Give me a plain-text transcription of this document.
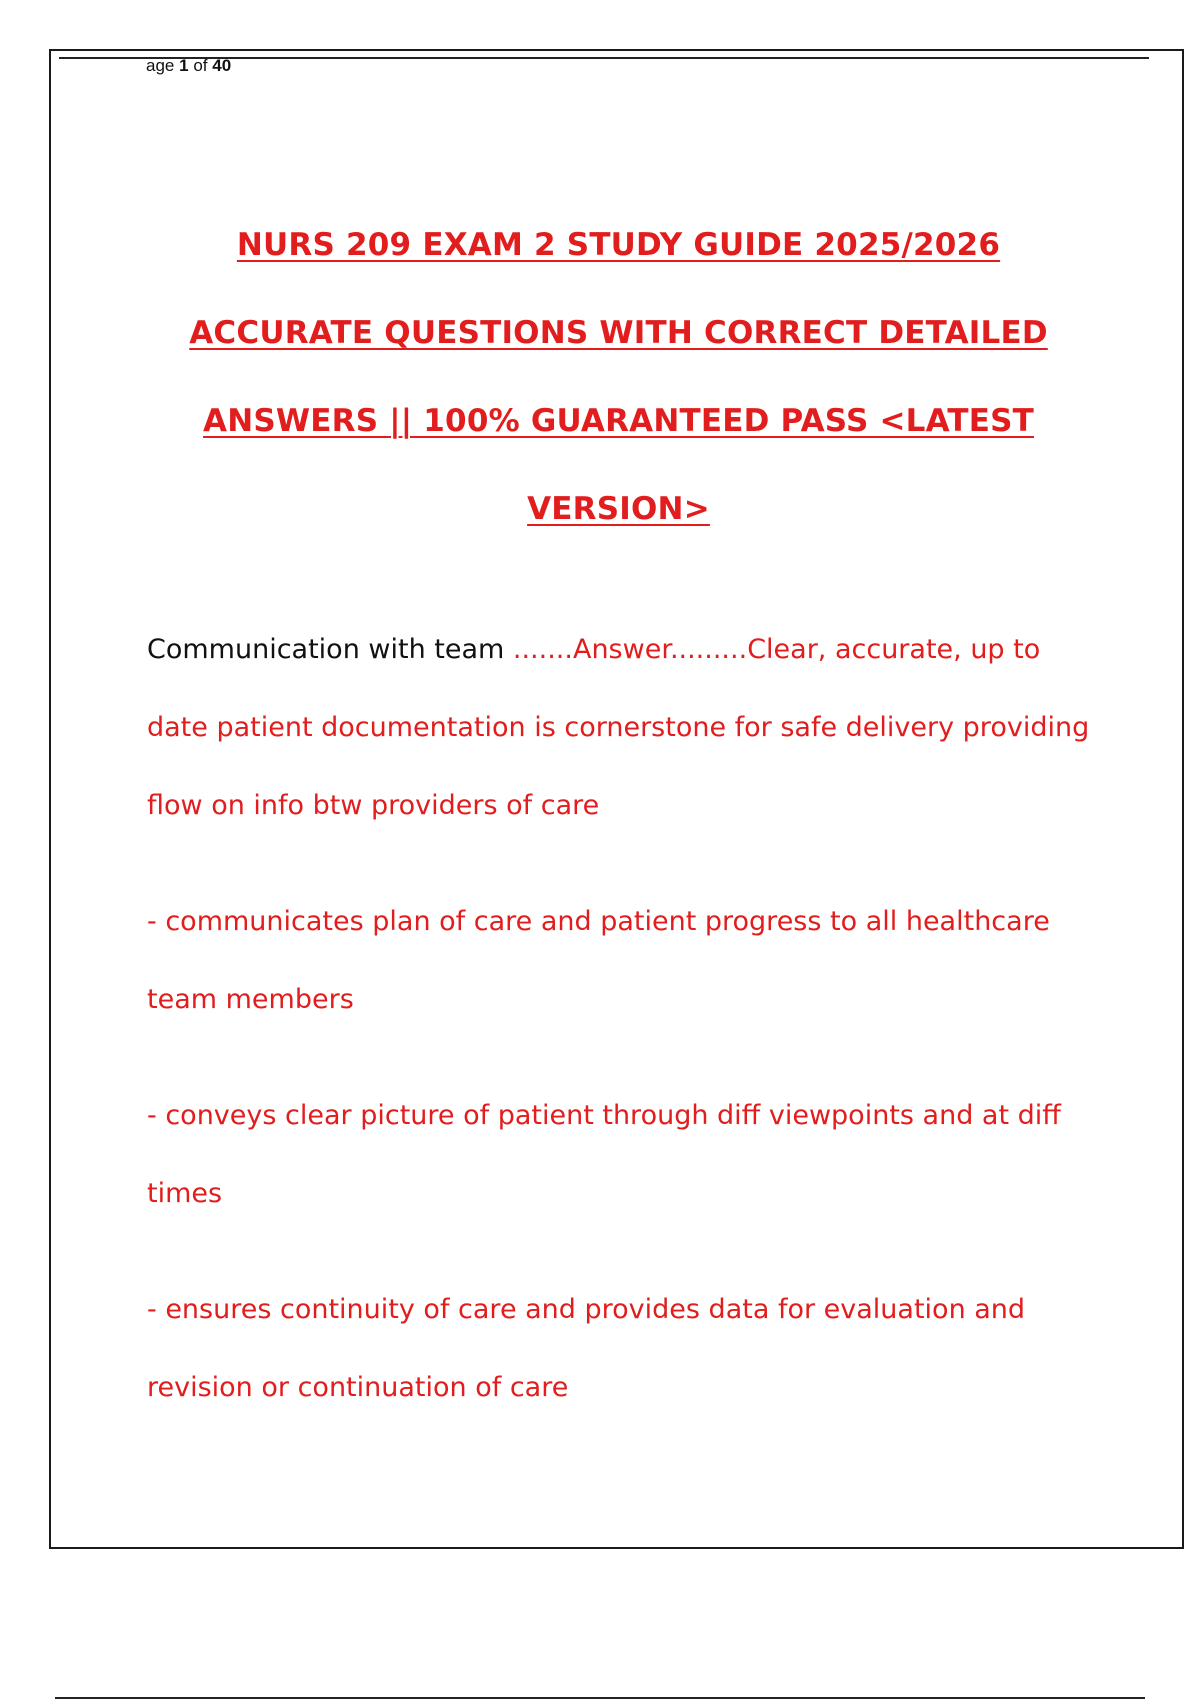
age 1 of 40
NURS 209 EXAM 2 STUDY GUIDE 2025/2026
ACCURATE QUESTIONS WITH CORRECT DETAILED
ANSWERS || 100% GUARANTEED PASS <LATEST
VERSION>

Communication with team .......Answer.........Clear, accurate, up to date patient documentation is cornerstone for safe delivery providing flow on info btw providers of care

- communicates plan of care and patient progress to all healthcare team members

- conveys clear picture of patient through diff viewpoints and at diff times

- ensures continuity of care and provides data for evaluation and revision or continuation of care
